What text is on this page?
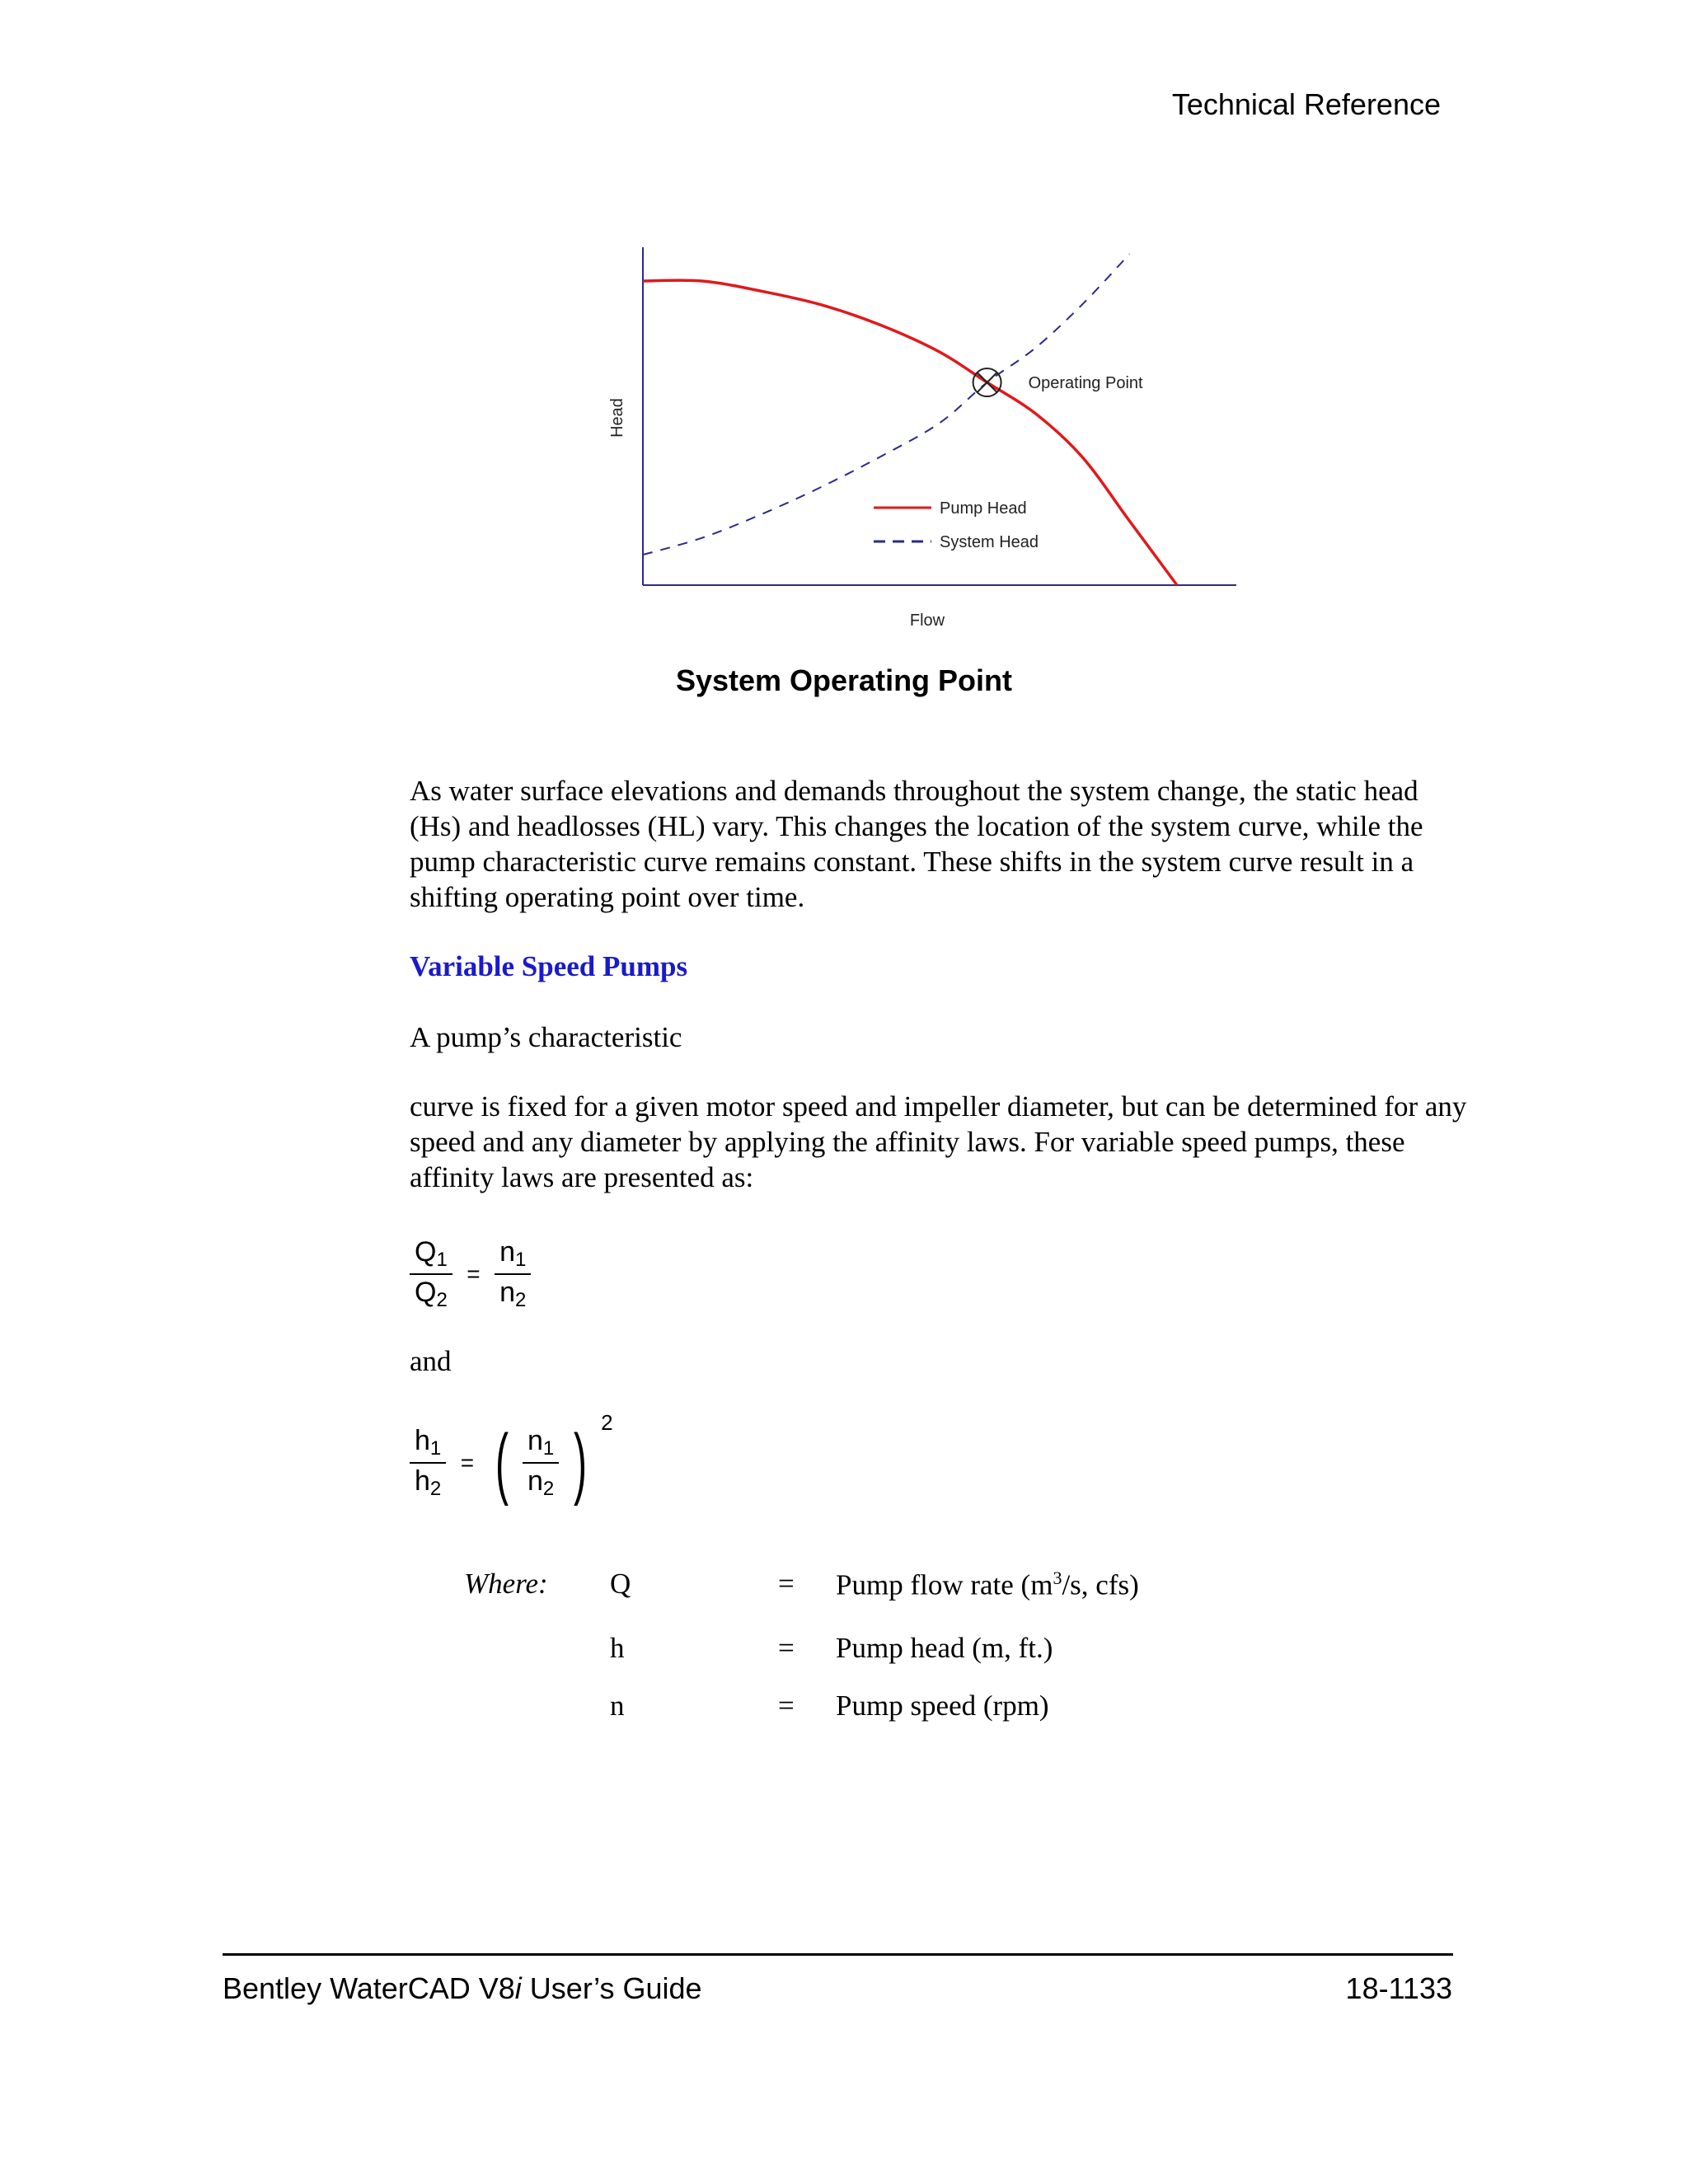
Technical Reference
Head
Flow
Operating Point
Pump Head
System Head
System Operating Point
As water surface elevations and demands throughout the system change, the static head (Hs) and headlosses (HL) vary. This changes the location of the system curve, while the pump characteristic curve remains constant. These shifts in the system curve result in a shifting operating point over time.
Variable Speed Pumps
A pump’s characteristic
curve is fixed for a given motor speed and impeller diameter, but can be determined for any speed and any diameter by applying the affinity laws. For variable speed pumps, these affinity laws are presented as:
$\frac{Q_1}{Q_2} = \frac{n_1}{n_2}$
and
$\frac{h_1}{h_2}$ = ( $\frac{n_1}{n_2}$ ) 2
Where: Q	= Pump flow rate ($m^3/s$, cfs)
h	= Pump head (m, ft.)
n	= Pump speed (rpm)
Bentley WaterCAD V8i User’s Guide	18-1133
